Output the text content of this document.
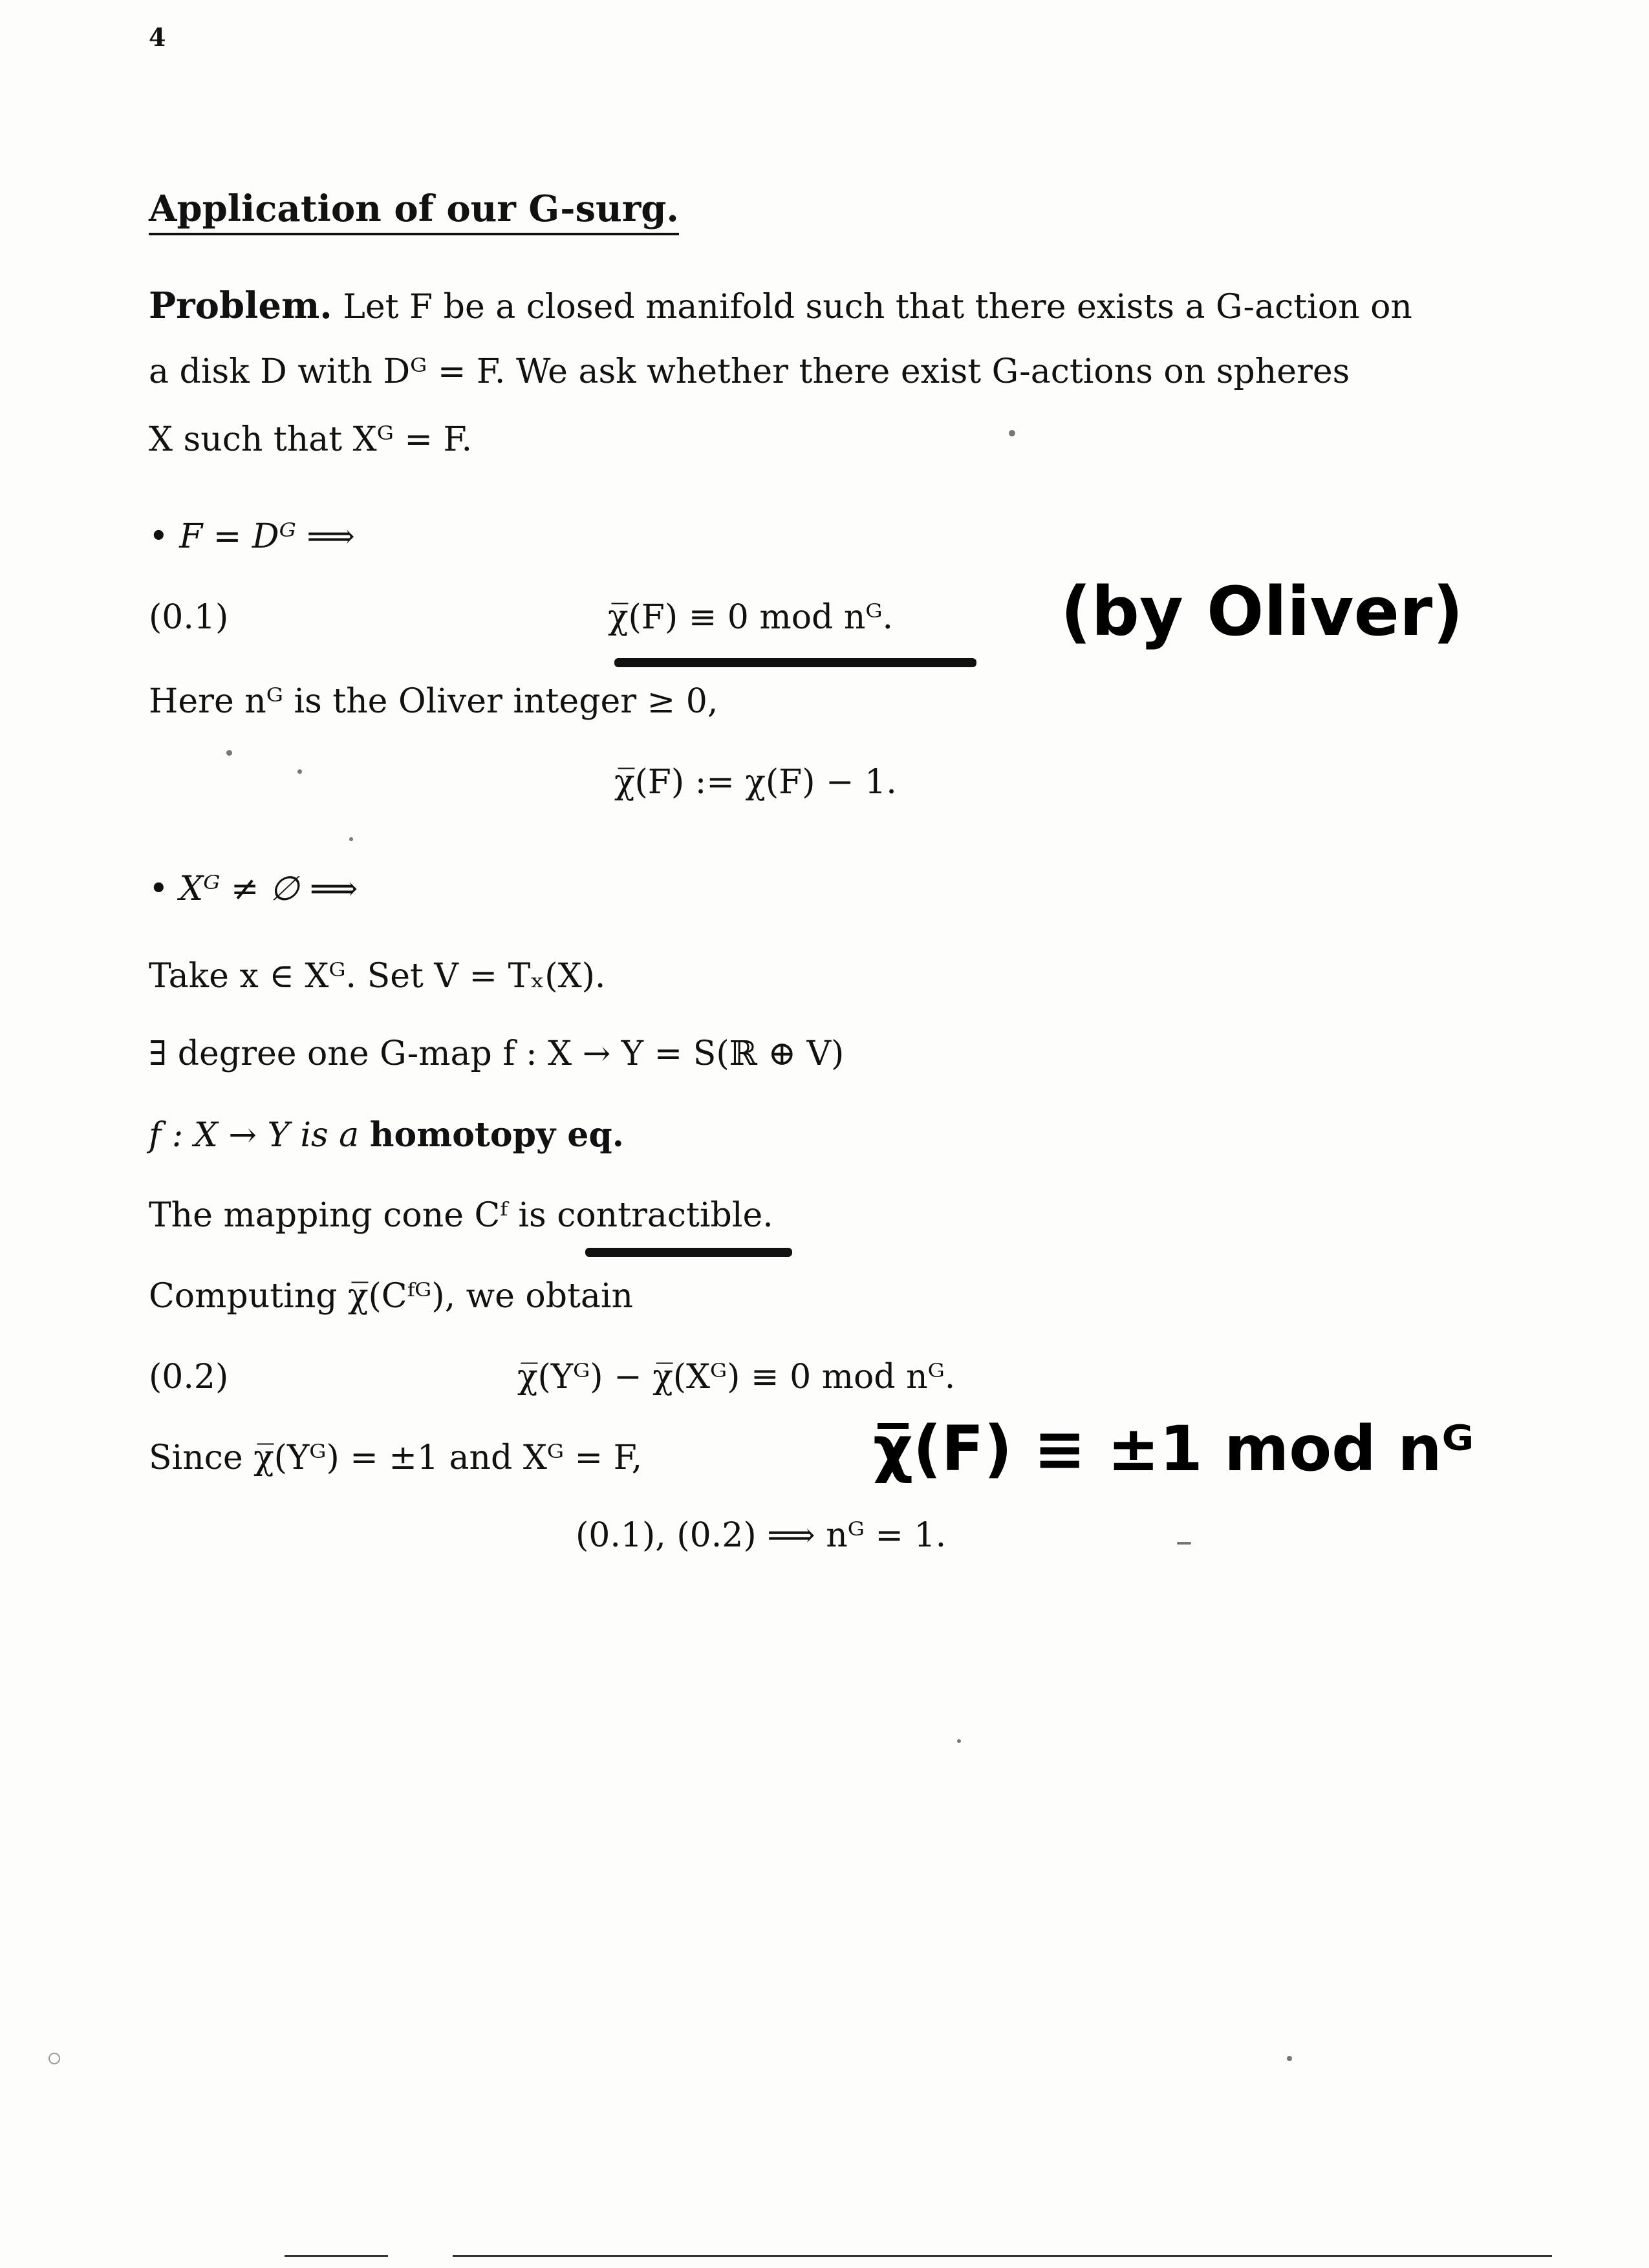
4
Application of our G-surg.
Problem. Let F be a closed manifold such that there exists a G-action on
a disk D with Dᴳ = F. We ask whether there exist G-actions on spheres
X such that Xᴳ = F.
• F = Dᴳ ⟹
(0.1)	χ̅(F) ≡ 0 mod nᴳ. (by Oliver)
Here nᴳ is the Oliver integer ≥ 0,
χ̅(F) := χ(F) − 1.
• Xᴳ ≠ ∅ ⟹
Take x ∈ Xᴳ. Set V = Tₓ(X).
∃ degree one G-map f : X → Y = S(ℝ ⊕ V)
f : X → Y is a homotopy eq.
The mapping cone Cᶠ is contractible.
Computing χ̅(Cᶠᴳ), we obtain
(0.2)	χ̅(Yᴳ) − χ̅(Xᴳ) ≡ 0 mod nᴳ.
Since χ̅(Yᴳ) = ±1 and Xᴳ = F,	χ̅(F) ≡ ±1 mod nᴳ
(0.1), (0.2) ⟹ nᴳ = 1.
